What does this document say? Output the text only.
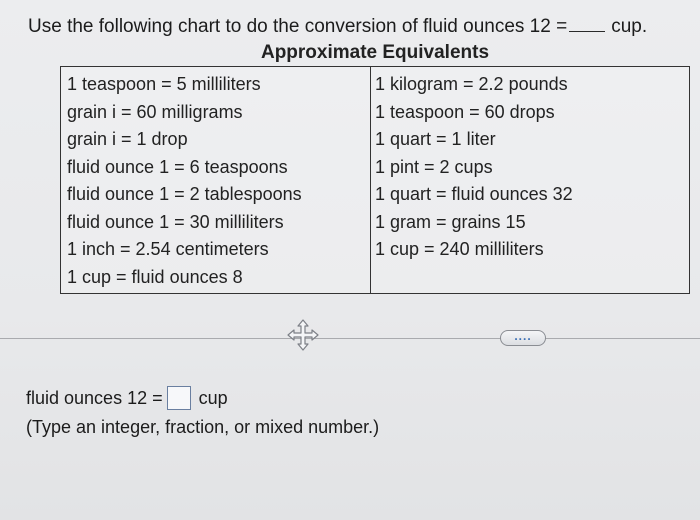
Use the following chart to do the conversion of fluid ounces 12 = cup.
Approximate Equivalents
1 teaspoon = 5 milliliters
grain i = 60 milligrams
grain i = 1 drop
fluid ounce 1 = 6 teaspoons
fluid ounce 1 = 2 tablespoons
fluid ounce 1 = 30 milliliters
1 inch = 2.54 centimeters
1 cup = fluid ounces 8
1 kilogram = 2.2 pounds
1 teaspoon = 60 drops
1 quart = 1 liter
1 pint = 2 cups
1 quart = fluid ounces 32
1 gram = grains 15
1 cup = 240 milliliters
....
fluid ounces 12 = cup
(Type an integer, fraction, or mixed number.)
